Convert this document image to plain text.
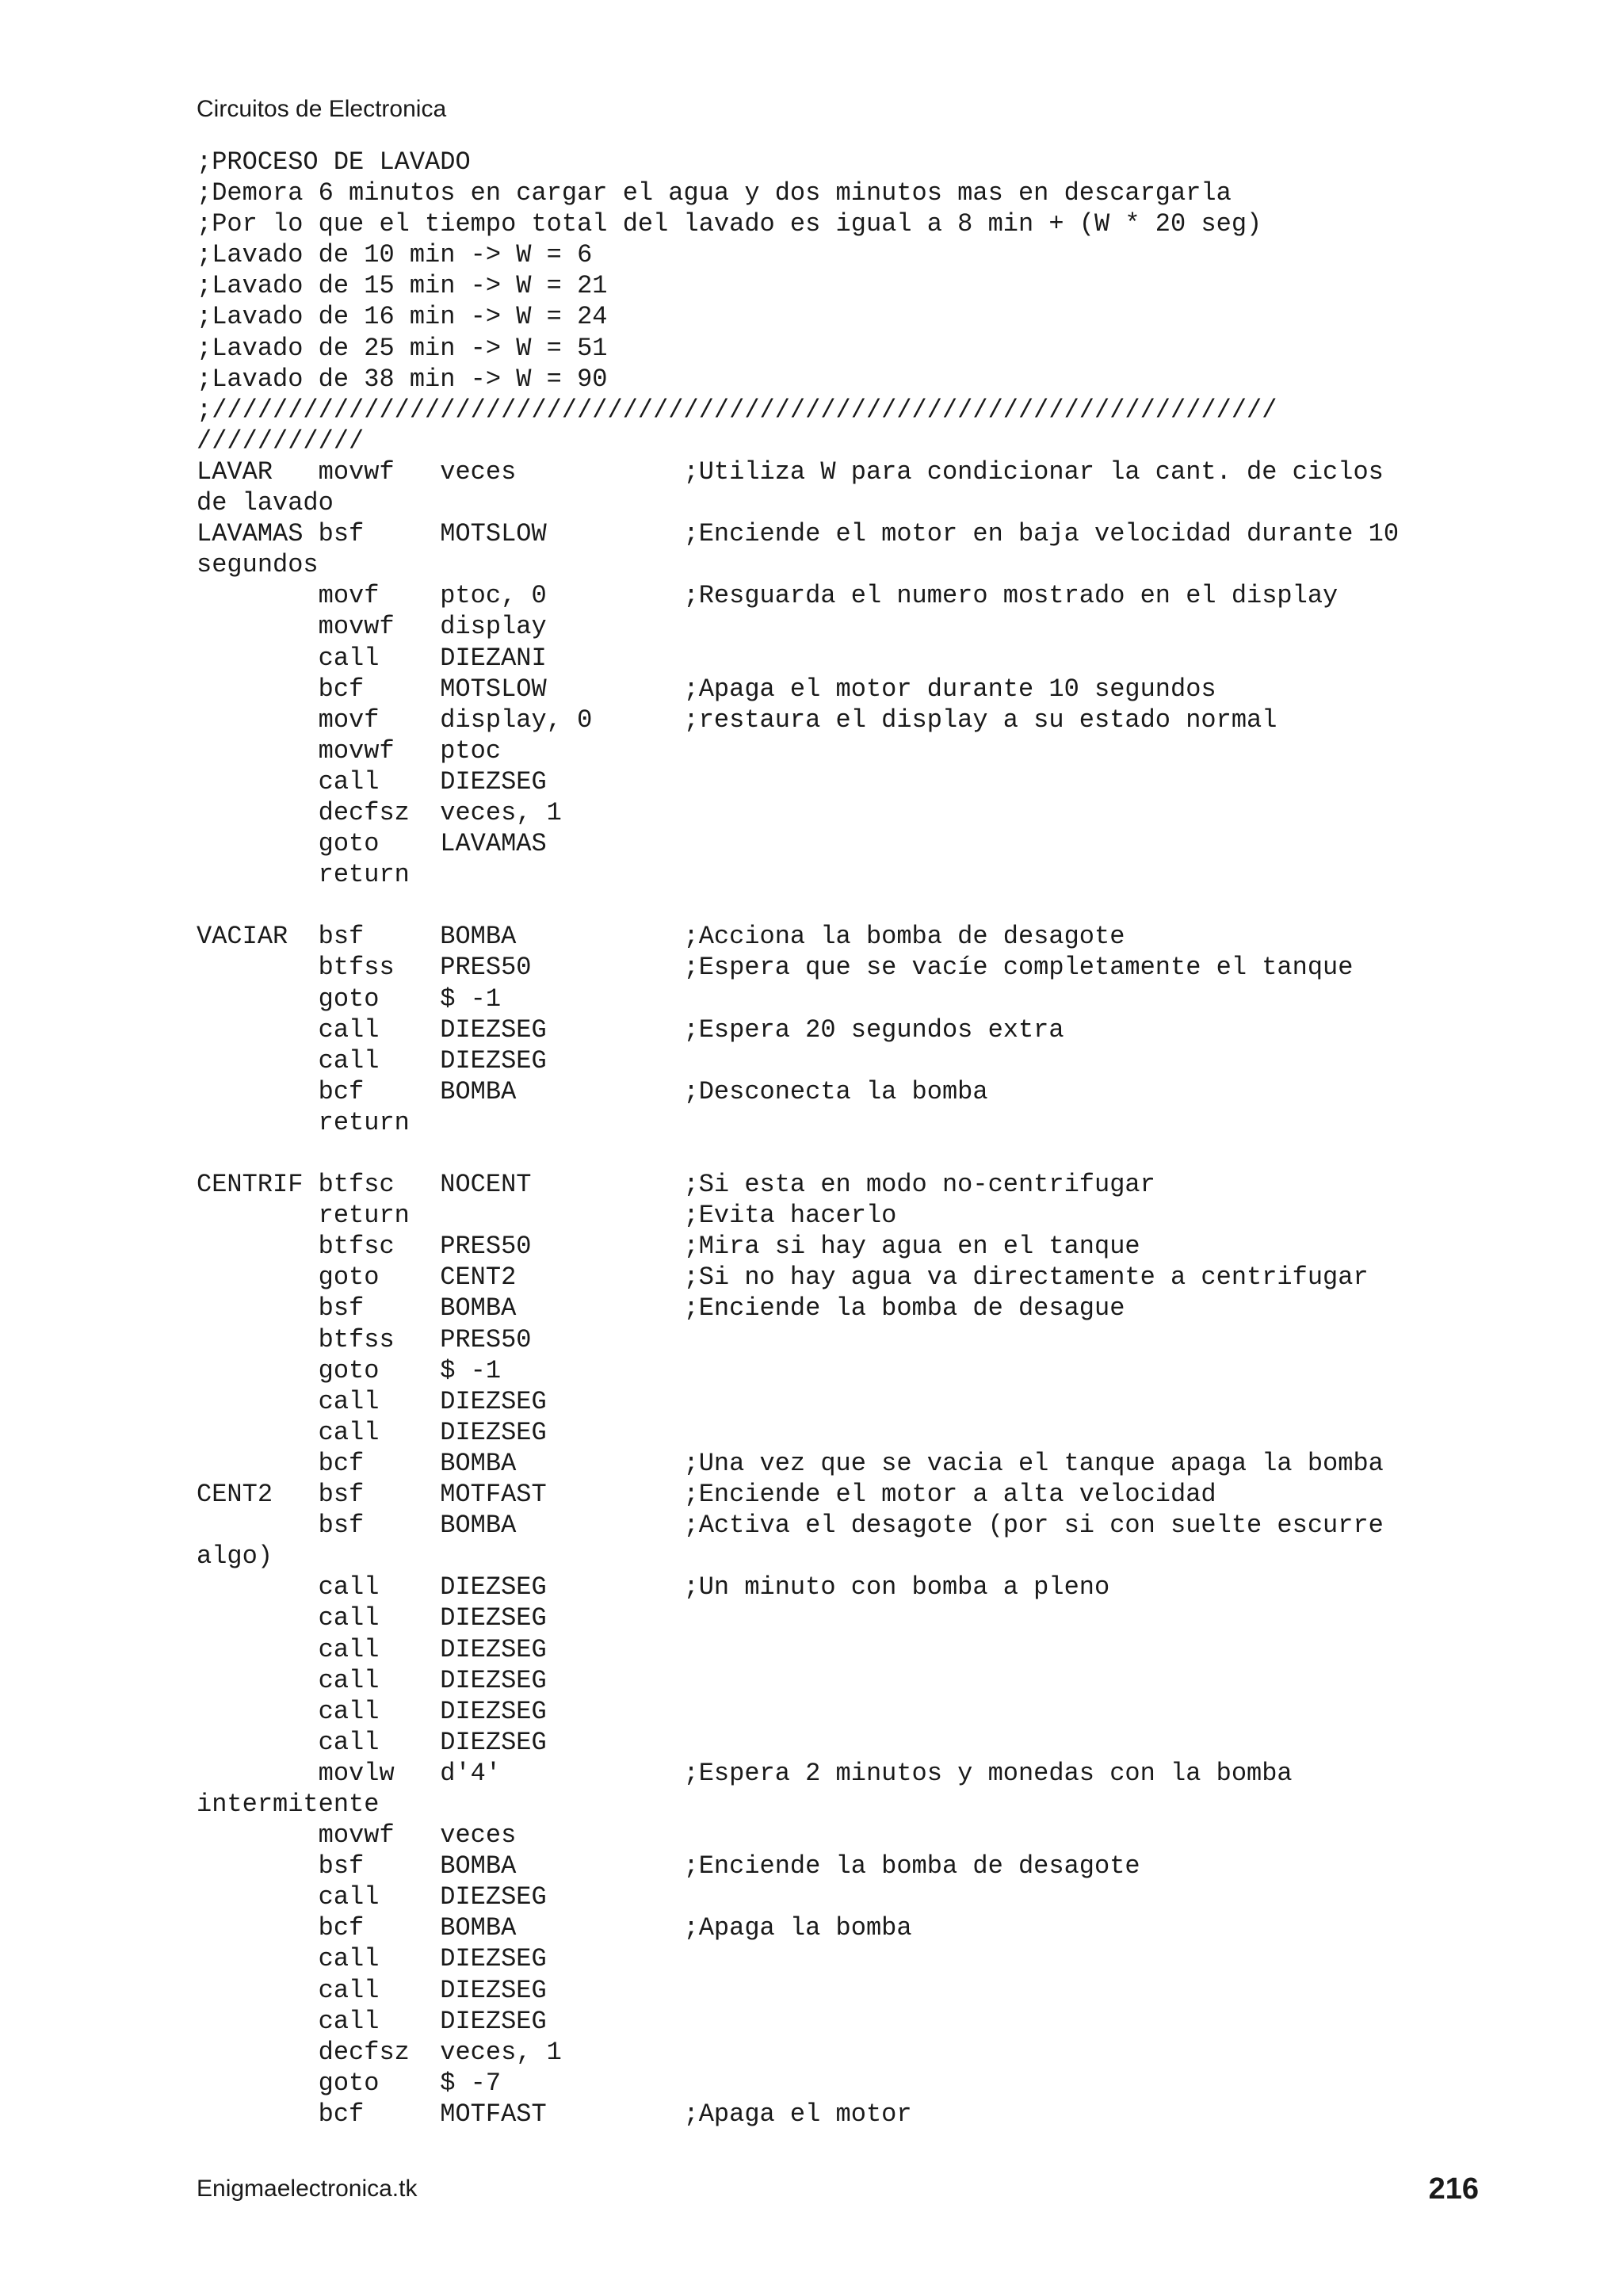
Circuitos de Electronica
;PROCESO DE LAVADO
;Demora 6 minutos en cargar el agua y dos minutos mas en descargarla
;Por lo que el tiempo total del lavado es igual a 8 min + (W * 20 seg)
;Lavado de 10 min -> W = 6
;Lavado de 15 min -> W = 21
;Lavado de 16 min -> W = 24
;Lavado de 25 min -> W = 51
;Lavado de 38 min -> W = 90
;//////////////////////////////////////////////////////////////////////
///////////
LAVAR   movwf   veces           ;Utiliza W para condicionar la cant. de ciclos
de lavado
LAVAMAS bsf     MOTSLOW         ;Enciende el motor en baja velocidad durante 10
segundos
movf    ptoc, 0         ;Resguarda el numero mostrado en el display
movwf   display
call    DIEZANI
bcf     MOTSLOW         ;Apaga el motor durante 10 segundos
movf    display, 0      ;restaura el display a su estado normal
movwf   ptoc
call    DIEZSEG
decfsz  veces, 1
goto    LAVAMAS
return

VACIAR  bsf     BOMBA           ;Acciona la bomba de desagote
btfss   PRES50          ;Espera que se vacíe completamente el tanque
goto    $ -1
call    DIEZSEG         ;Espera 20 segundos extra
call    DIEZSEG
bcf     BOMBA           ;Desconecta la bomba
return

CENTRIF btfsc   NOCENT          ;Si esta en modo no-centrifugar
return                  ;Evita hacerlo
btfsc   PRES50          ;Mira si hay agua en el tanque
goto    CENT2           ;Si no hay agua va directamente a centrifugar
bsf     BOMBA           ;Enciende la bomba de desague
btfss   PRES50
goto    $ -1
call    DIEZSEG
call    DIEZSEG
bcf     BOMBA           ;Una vez que se vacia el tanque apaga la bomba
CENT2   bsf     MOTFAST         ;Enciende el motor a alta velocidad
bsf     BOMBA           ;Activa el desagote (por si con suelte escurre
algo)
call    DIEZSEG         ;Un minuto con bomba a pleno
call    DIEZSEG
call    DIEZSEG
call    DIEZSEG
call    DIEZSEG
call    DIEZSEG
movlw   d'4'            ;Espera 2 minutos y monedas con la bomba
intermitente
movwf   veces
bsf     BOMBA           ;Enciende la bomba de desagote
call    DIEZSEG
bcf     BOMBA           ;Apaga la bomba
call    DIEZSEG
call    DIEZSEG
call    DIEZSEG
decfsz  veces, 1
goto    $ -7
bcf     MOTFAST         ;Apaga el motor
Enigmaelectronica.tk	216
